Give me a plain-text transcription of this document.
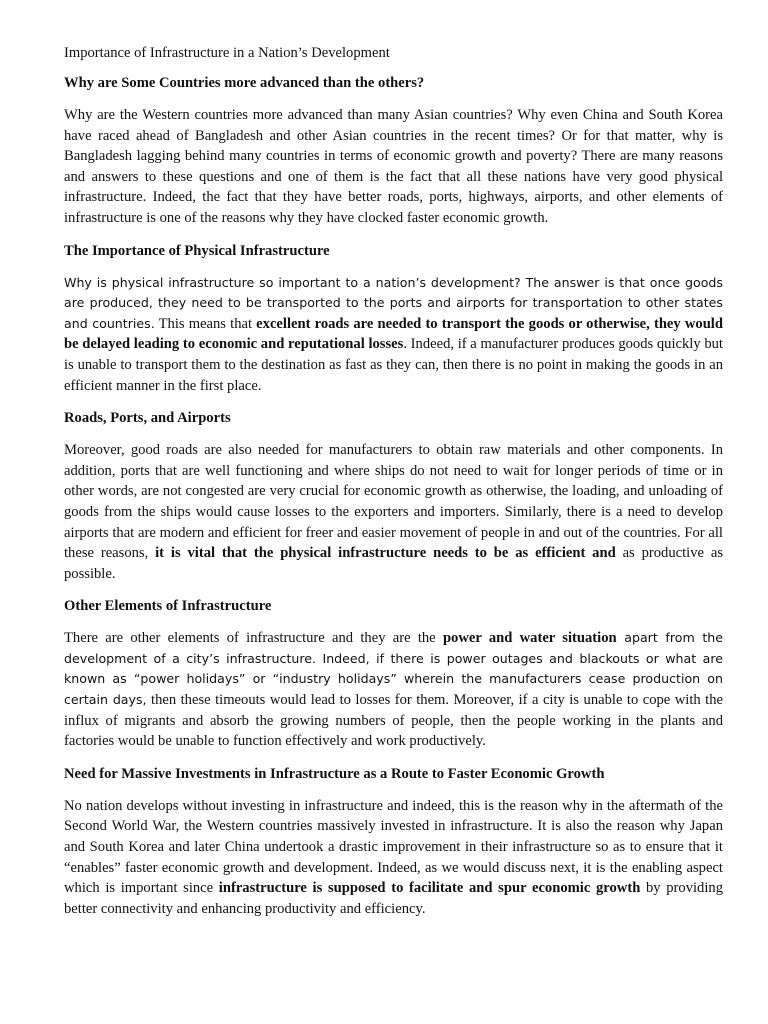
Importance of Infrastructure in a Nation’s Development
Why are Some Countries more advanced than the others?

Why are the Western countries more advanced than many Asian countries? Why even China and South Korea have raced ahead of Bangladesh and other Asian countries in the recent times? Or for that matter, why is Bangladesh lagging behind many countries in terms of economic growth and poverty? There are many reasons and answers to these questions and one of them is the fact that all these nations have very good physical infrastructure. Indeed, the fact that they have better roads, ports, highways, airports, and other elements of infrastructure is one of the reasons why they have clocked faster economic growth.

The Importance of Physical Infrastructure

Why is physical infrastructure so important to a nation’s development? The answer is that once goods are produced, they need to be transported to the ports and airports for transportation to other states and countries. This means that excellent roads are needed to transport the goods or otherwise, they would be delayed leading to economic and reputational losses. Indeed, if a manufacturer produces goods quickly but is unable to transport them to the destination as fast as they can, then there is no point in making the goods in an efficient manner in the first place.

Roads, Ports, and Airports

Moreover, good roads are also needed for manufacturers to obtain raw materials and other components. In addition, ports that are well functioning and where ships do not need to wait for longer periods of time or in other words, are not congested are very crucial for economic growth as otherwise, the loading, and unloading of goods from the ships would cause losses to the exporters and importers. Similarly, there is a need to develop airports that are modern and efficient for freer and easier movement of people in and out of the countries. For all these reasons, it is vital that the physical infrastructure needs to be as efficient and as productive as possible.

Other Elements of Infrastructure

There are other elements of infrastructure and they are the power and water situation apart from the development of a city’s infrastructure. Indeed, if there is power outages and blackouts or what are known as “power holidays” or “industry holidays” wherein the manufacturers cease production on certain days, then these timeouts would lead to losses for them. Moreover, if a city is unable to cope with the influx of migrants and absorb the growing numbers of people, then the people working in the plants and factories would be unable to function effectively and work productively.

Need for Massive Investments in Infrastructure as a Route to Faster Economic Growth

No nation develops without investing in infrastructure and indeed, this is the reason why in the aftermath of the Second World War, the Western countries massively invested in infrastructure. It is also the reason why Japan and South Korea and later China undertook a drastic improvement in their infrastructure so as to ensure that it “enables” faster economic growth and development. Indeed, as we would discuss next, it is the enabling aspect which is important since infrastructure is supposed to facilitate and spur economic growth by providing better connectivity and enhancing productivity and efficiency.
